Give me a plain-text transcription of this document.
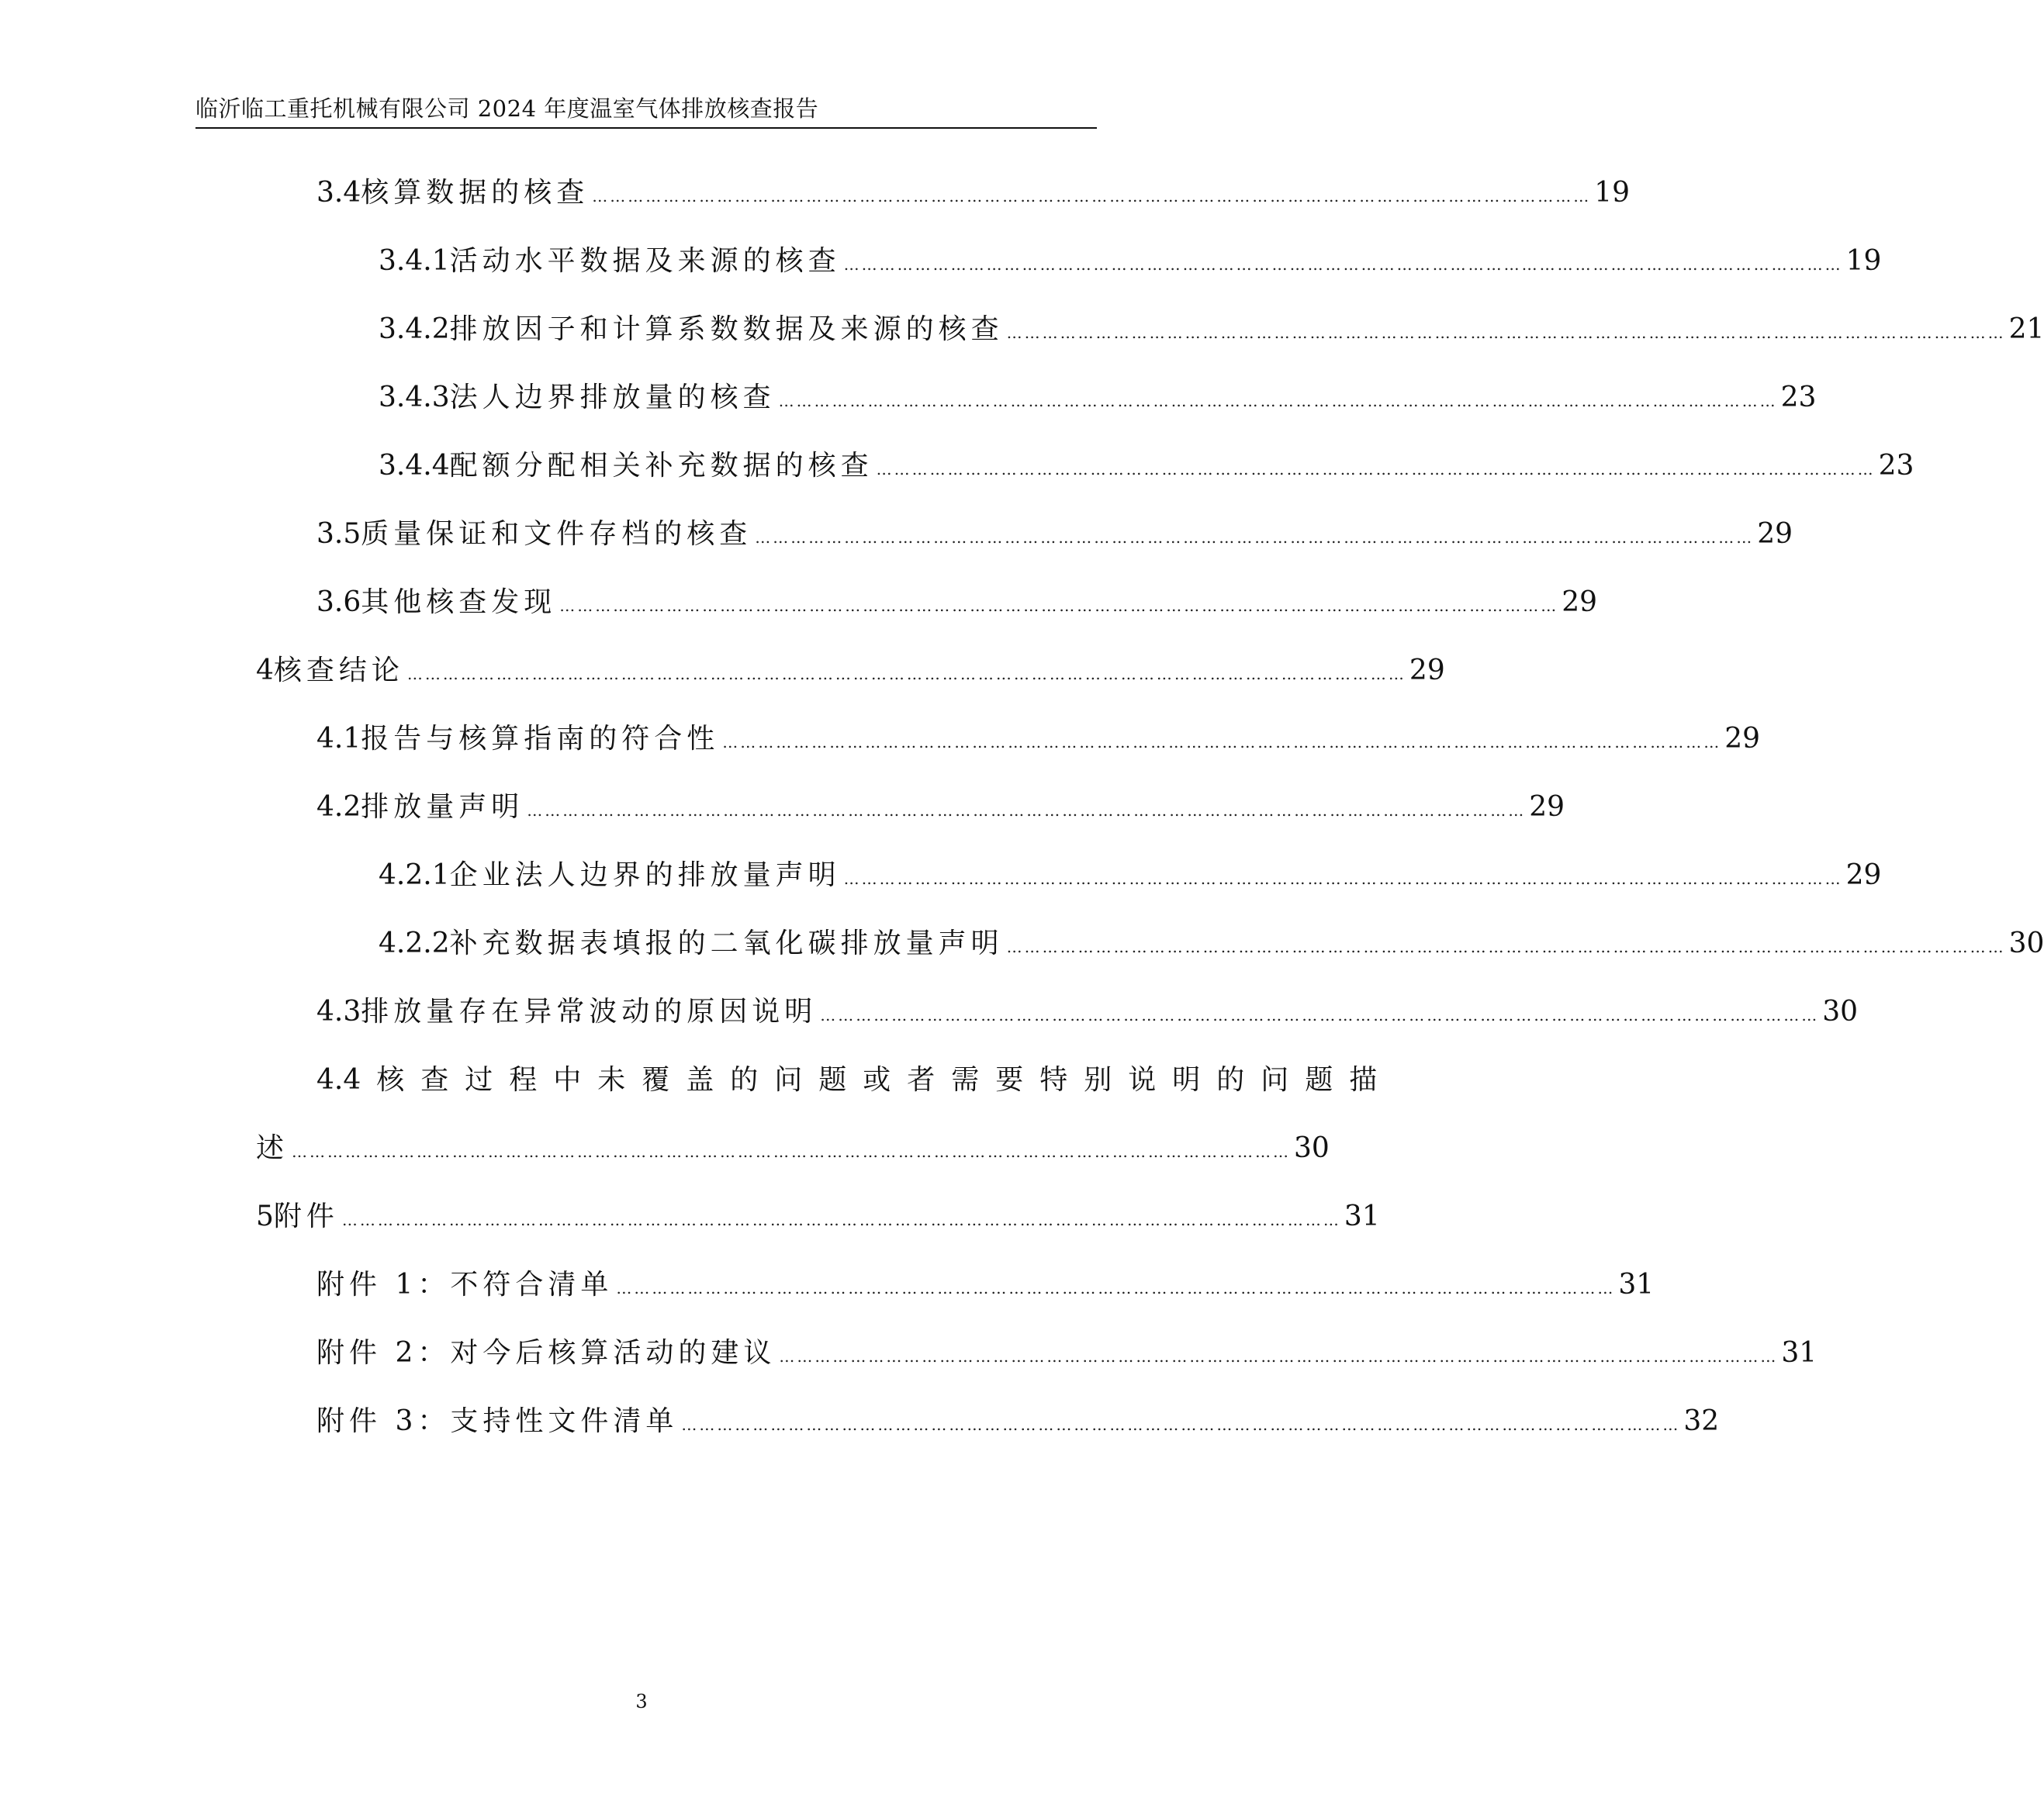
临沂临工重托机械有限公司 2024 年度温室气体排放核查报告
3.4 核算数据的核查 …………………………………………………………………………………………………………………………………………………… 19
3.4.1 活动水平数据及来源的核查 …………………………………………………………………………………………………………………………………………………… 19
3.4.2 排放因子和计算系数数据及来源的核查 …………………………………………………………………………………………………………………………………………………… 21
3.4.3 法人边界排放量的核查 …………………………………………………………………………………………………………………………………………………… 23
3.4.4 配额分配相关补充数据的核查 …………………………………………………………………………………………………………………………………………………… 23
3.5 质量保证和文件存档的核查 …………………………………………………………………………………………………………………………………………………… 29
3.6 其他核查发现 …………………………………………………………………………………………………………………………………………………… 29
4 核查结论 …………………………………………………………………………………………………………………………………………………… 29
4.1 报告与核算指南的符合性 …………………………………………………………………………………………………………………………………………………… 29
4.2 排放量声明 …………………………………………………………………………………………………………………………………………………… 29
4.2.1 企业法人边界的排放量声明 …………………………………………………………………………………………………………………………………………………… 29
4.2.2 补充数据表填报的二氧化碳排放量声明 …………………………………………………………………………………………………………………………………………………… 30
4.3 排放量存在异常波动的原因说明 …………………………………………………………………………………………………………………………………………………… 30
4.4 核查过程中未覆盖的问题或者需要特别说明的问题描
述 …………………………………………………………………………………………………………………………………………………… 30
5 附件 …………………………………………………………………………………………………………………………………………………… 31
附件 1： 不符合清单 …………………………………………………………………………………………………………………………………………………… 31
附件 2： 对今后核算活动的建议 …………………………………………………………………………………………………………………………………………………… 31
附件 3： 支持性文件清单 …………………………………………………………………………………………………………………………………………………… 32
3
